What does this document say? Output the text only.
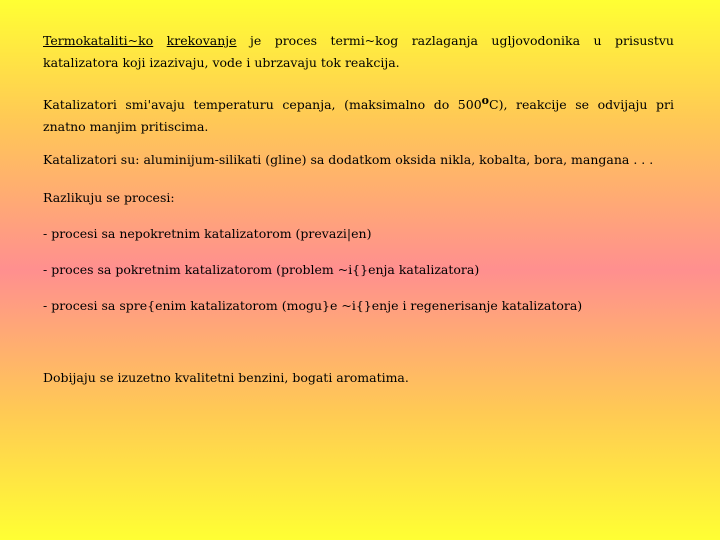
Termokataliti~ko krekovanje je proces termi~kog razlaganja ugljovodonika u prisustvu katalizatora koji izazivaju, vode i ubrzavaju tok reakcija.

Katalizatori smi'avaju temperaturu cepanja, (maksimalno do 500oC), reakcije se odvijaju pri znatno manjim pritiscima.

Katalizatori su: aluminijum-silikati (gline) sa dodatkom oksida nikla, kobalta, bora, mangana . . .

Razlikuju se procesi:

- procesi sa nepokretnim katalizatorom (prevazi|en)

- proces sa pokretnim katalizatorom (problem ~i{}enja katalizatora)

- procesi sa spre{enim katalizatorom (mogu}e ~i{}enje i regenerisanje katalizatora)

Dobijaju se izuzetno kvalitetni benzini, bogati aromatima.
